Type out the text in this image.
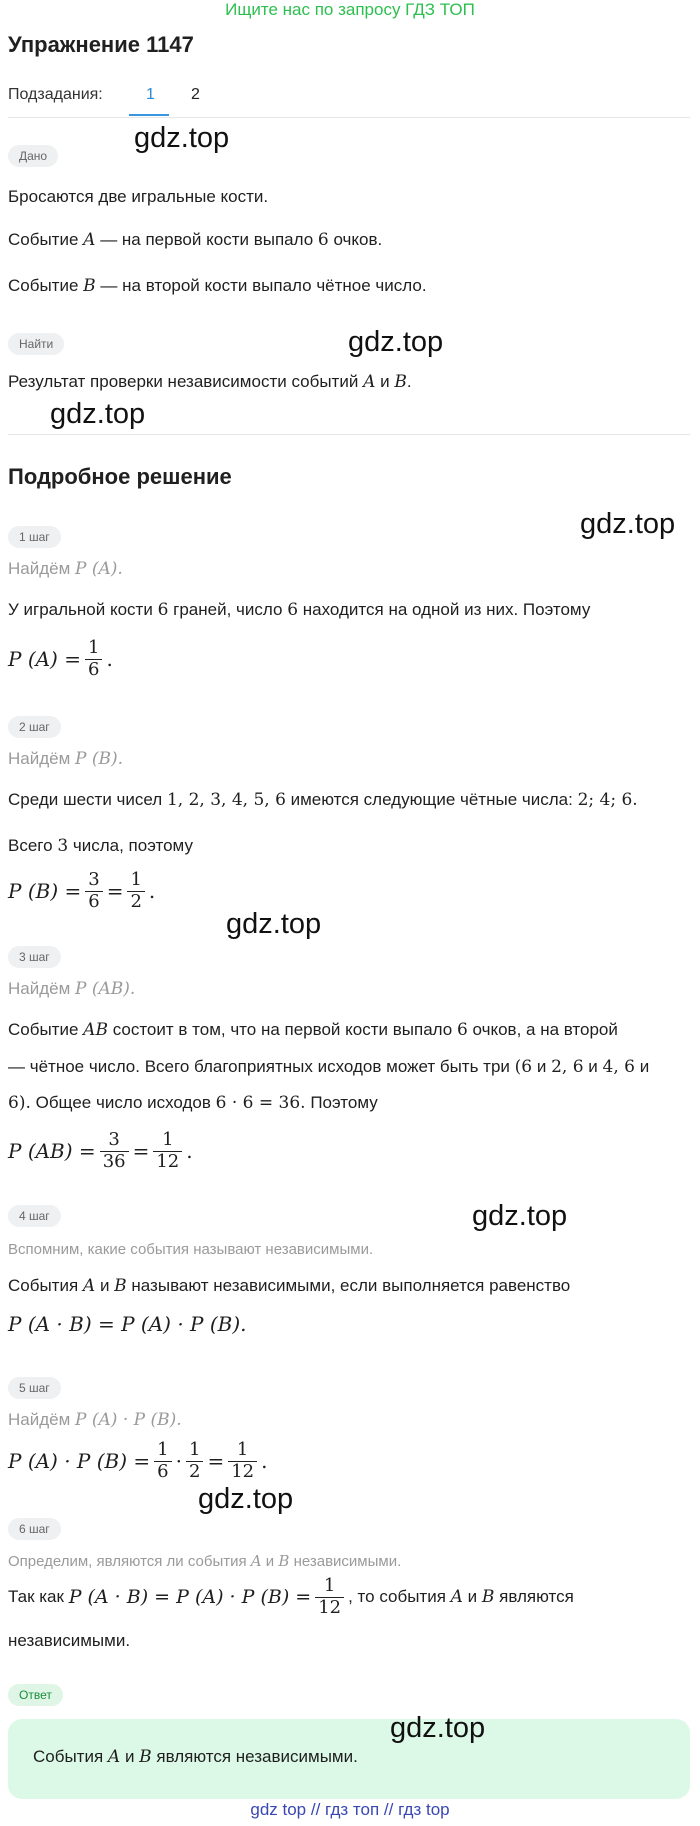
Ищите нас по запросу ГДЗ ТОП
Упражнение 1147
Подзадания:	1 2
Дано
gdz.top
Бросаются две игральные кости.
Событие A — на первой кости выпало 6 очков.
Событие B — на второй кости выпало чётное число.
Найти	gdz.top
Результат проверки независимости событий A и B.
gdz.top
Подробное решение
gdz.top
1 шаг
Найдём P (A).
У игральной кости 6 граней, число 6 находится на одной из них. Поэтому
P $(A) = \frac{1}{6}$ .
2 шаг
Найдём P (B).
Среди шести чисел 1, 2, 3, 4, 5, 6 имеются следующие чётные числа: 2; 4; 6.
Всего 3 числа, поэтому
P $(B) = \frac{3}{6} = \frac{1}{2}$ .
gdz.top
3 шаг
Найдём P (AB).
Событие AB состоит в том, что на первой кости выпало 6 очков, а на второй
— чётное число. Всего благоприятных исходов может быть три (6 и 2, 6 и 4, 6 и
6). Общее число исходов 6 · 6 = 36. Поэтому
P $(AB) = \frac{3}{36} = \frac{1}{12}$ .
4 шаг	gdz.top
Вспомним, какие события называют независимыми.
События A и B называют независимыми, если выполняется равенство
P (A · B) = P (A) · P (B).
5 шаг
Найдём P (A) · P (B).
P (A) · P $(B) = \frac{1}{6} \cdot \frac{1}{2} = \frac{1}{12}$ .
gdz.top
6 шаг
Определим, являются ли события A и B независимыми.
Так как
P (A · B) = P (A) · P $(B) = \frac{1}{12}$ , то события
A
и
B
являются
независимыми.
Ответ
gdz.top
События A и B являются независимыми.
gdz top // гдз топ // гдз top
